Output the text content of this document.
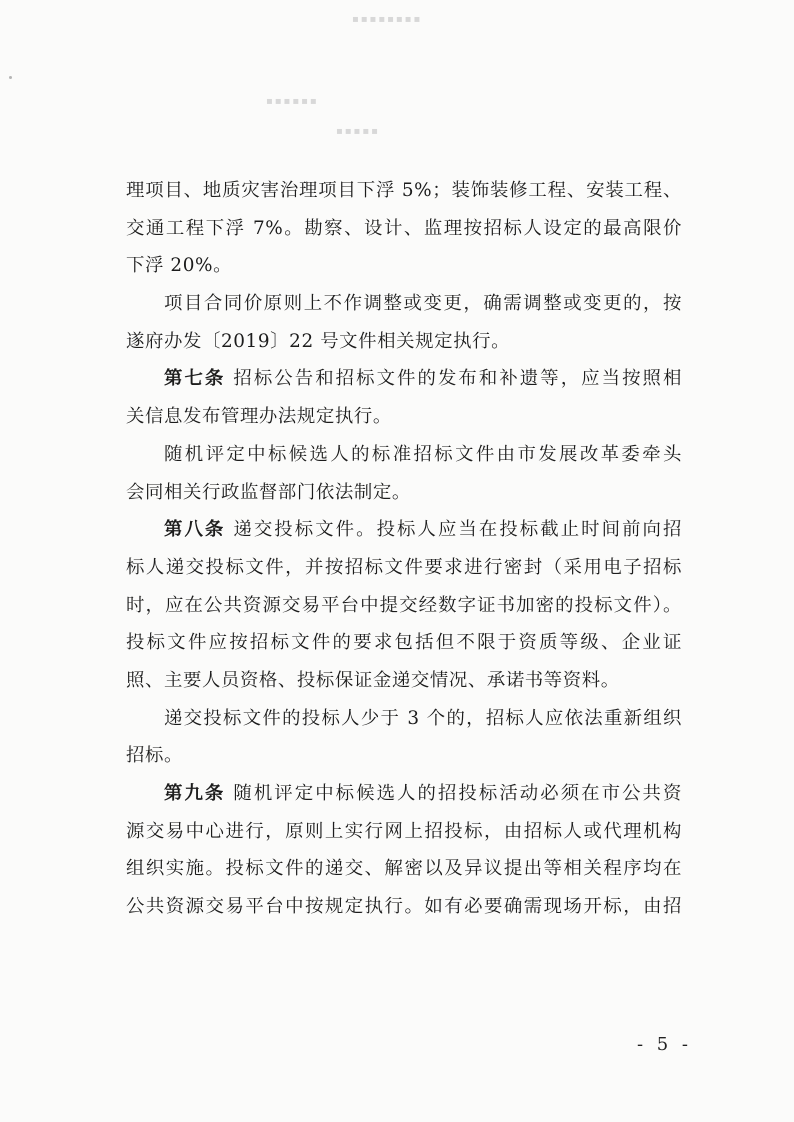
▪▪▪▪▪▪▪▪
▪▪▪▪▪▪
▪▪▪▪▪
理项目、地质灾害治理项目下浮 5%；装饰装修工程、安装工程、
交通工程下浮 7%。勘察、设计、监理按招标人设定的最高限价
下浮 20%。
项目合同价原则上不作调整或变更，确需调整或变更的，按
遂府办发〔2019〕22 号文件相关规定执行。
第七条 招标公告和招标文件的发布和补遗等，应当按照相
关信息发布管理办法规定执行。
随机评定中标候选人的标准招标文件由市发展改革委牵头
会同相关行政监督部门依法制定。
第八条 递交投标文件。投标人应当在投标截止时间前向招
标人递交投标文件，并按招标文件要求进行密封（采用电子招标
时，应在公共资源交易平台中提交经数字证书加密的投标文件）。
投标文件应按招标文件的要求包括但不限于资质等级、企业证
照、主要人员资格、投标保证金递交情况、承诺书等资料。
递交投标文件的投标人少于 3 个的，招标人应依法重新组织
招标。
第九条 随机评定中标候选人的招投标活动必须在市公共资
源交易中心进行，原则上实行网上招投标，由招标人或代理机构
组织实施。投标文件的递交、解密以及异议提出等相关程序均在
公共资源交易平台中按规定执行。如有必要确需现场开标，由招
- 5 -
